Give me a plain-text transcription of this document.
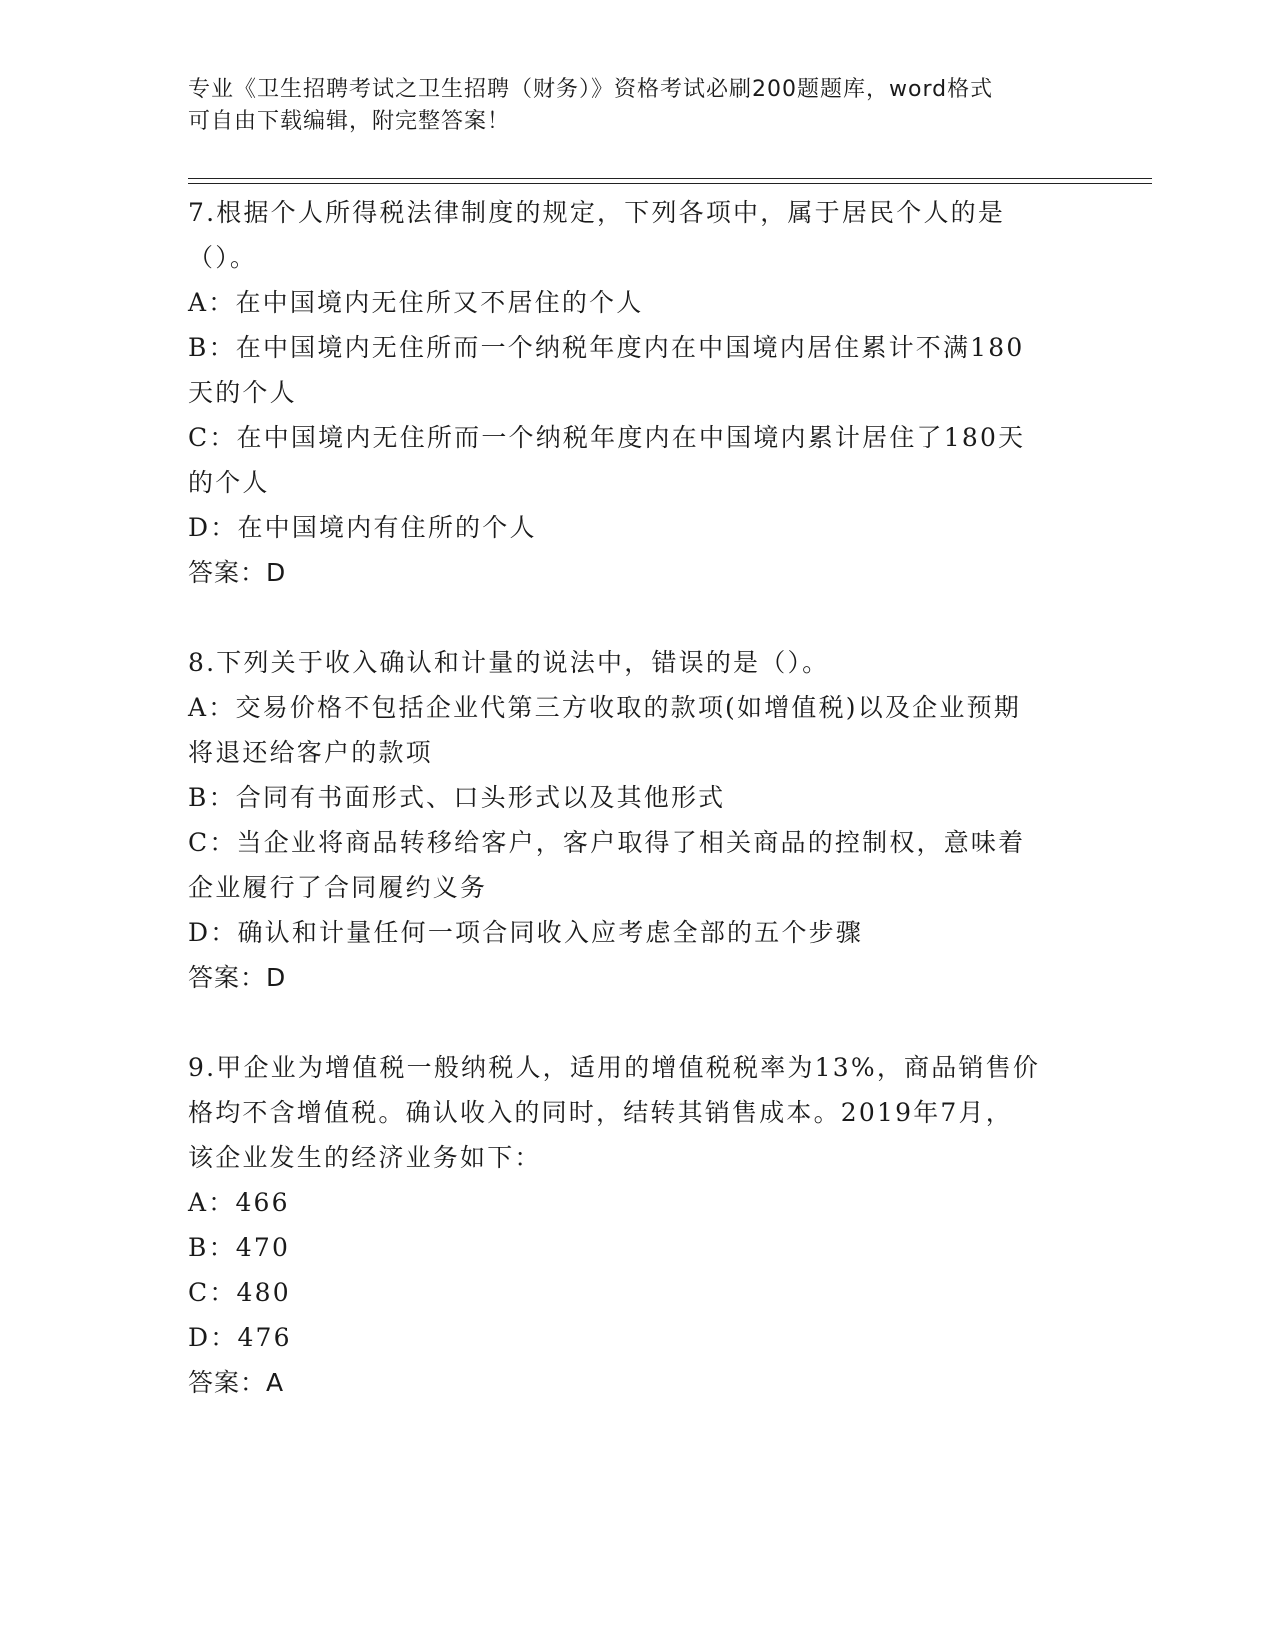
专业《卫生招聘考试之卫生招聘（财务）》资格考试必刷200题题库，word格式
可自由下载编辑，附完整答案！
7.根据个人所得税法律制度的规定，下列各项中，属于居民个人的是
（）。
A：在中国境内无住所又不居住的个人
B：在中国境内无住所而一个纳税年度内在中国境内居住累计不满180
天的个人
C：在中国境内无住所而一个纳税年度内在中国境内累计居住了180天
的个人
D：在中国境内有住所的个人
答案：D
8.下列关于收入确认和计量的说法中，错误的是（）。
A：交易价格不包括企业代第三方收取的款项(如增值税)以及企业预期
将退还给客户的款项
B：合同有书面形式、口头形式以及其他形式
C：当企业将商品转移给客户，客户取得了相关商品的控制权，意味着
企业履行了合同履约义务
D：确认和计量任何一项合同收入应考虑全部的五个步骤
答案：D
9.甲企业为增值税一般纳税人，适用的增值税税率为13%，商品销售价
格均不含增值税。确认收入的同时，结转其销售成本。2019年7月，
该企业发生的经济业务如下：
A：466
B：470
C：480
D：476
答案：A
